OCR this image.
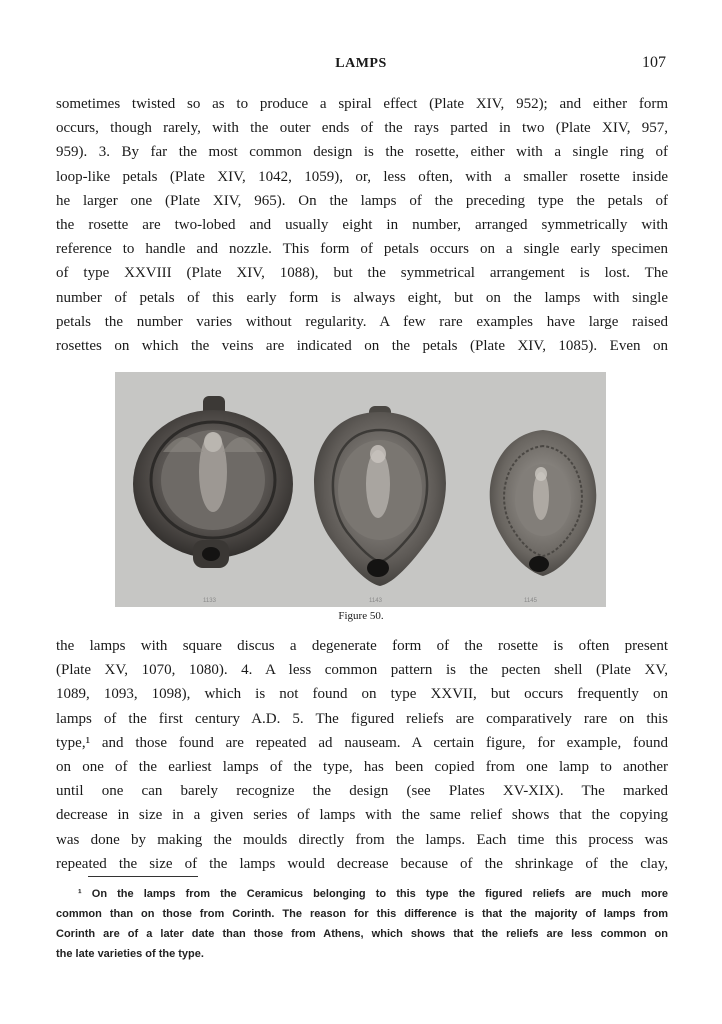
LAMPS	107
sometimes twisted so as to produce a spiral effect (Plate XIV, 952); and either form
occurs, though rarely, with the outer ends of the rays parted in two (Plate XIV, 957,
959). 3. By far the most common design is the rosette, either with a single ring of
loop-like petals (Plate XIV, 1042, 1059), or, less often, with a smaller rosette inside
he larger one (Plate XIV, 965). On the lamps of the preceding type the petals of
the rosette are two-lobed and usually eight in number, arranged symmetrically with
reference to handle and nozzle. This form of petals occurs on a single early specimen
of type XXVIII (Plate XIV, 1088), but the symmetrical arrangement is lost. The
number of petals of this early form is always eight, but on the lamps with single
petals the number varies without regularity. A few rare examples have large raised
rosettes on which the veins are indicated on the petals (Plate XIV, 1085). Even on
1133	1143	1145
Figure 50.
the lamps with square discus a degenerate form of the rosette is often present
(Plate XV, 1070, 1080). 4. A less common pattern is the pecten shell (Plate XV,
1089, 1093, 1098), which is not found on type XXVII, but occurs frequently on
lamps of the first century A.D. 5. The figured reliefs are comparatively rare on this
type,¹ and those found are repeated ad nauseam. A certain figure, for example, found
on one of the earliest lamps of the type, has been copied from one lamp to another
until one can barely recognize the design (see Plates XV-XIX). The marked
decrease in size in a given series of lamps with the same relief shows that the copying
was done by making the moulds directly from the lamps. Each time this process was
repeated the size of the lamps would decrease because of the shrinkage of the clay,
¹ On the lamps from the Ceramicus belonging to this type the figured reliefs are much more
common than on those from Corinth. The reason for this difference is that the majority of lamps from
Corinth are of a later date than those from Athens, which shows that the reliefs are less common on
the late varieties of the type.
